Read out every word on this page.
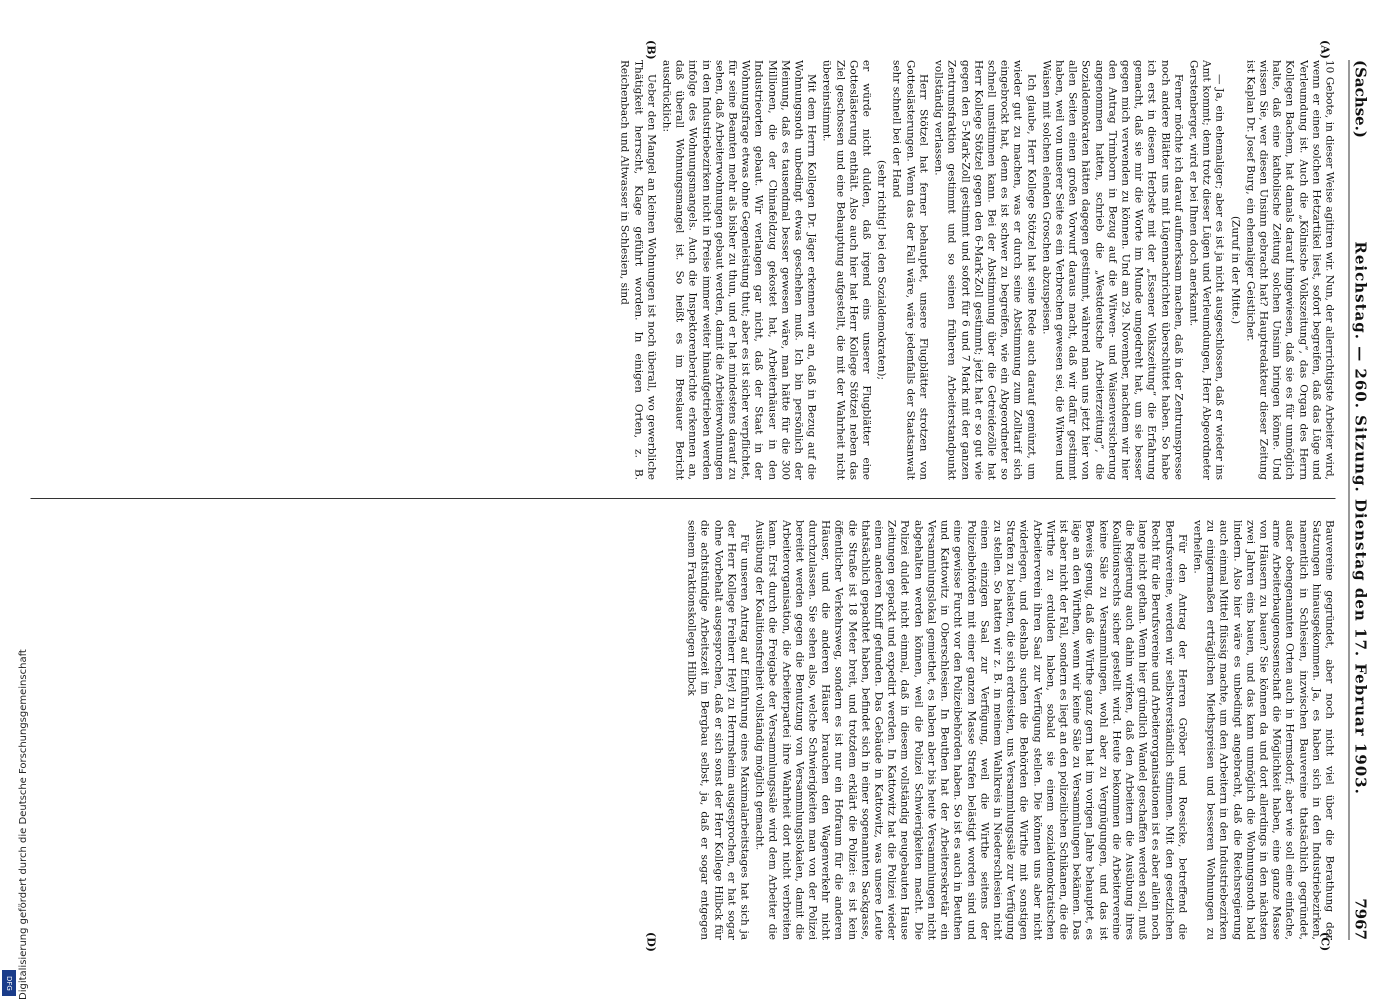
(Sachse.)
Reichstag. — 260. Sitzung. Dienstag den 17. Februar 1903.
7967
(A)
(B)
(C)
(D)

10 Gebote, in dieser Weise agitiren wir. Nun, der allerrichtigste Arbeiter wird, wenn er einen solchen Hetzartikel liest, sofort begreifen, daß das Lüge und Verleumdung ist. Auch die „Kölnische Volkszeitung“, das Organ des Herrn Kollegen Bachem, hat damals darauf hingewiesen, daß sie es für unmöglich halte, daß eine katholische Zeitung solchen Unsinn bringen könne. Und wissen Sie, wer diesen Unsinn gebracht hat? Hauptredakteur dieser Zeitung ist Kaplan Dr. Josef Burg, ein ehemaliger Geistlicher.

(Zuruf in der Mitte.)

— Ja, ein ehemaliger; aber es ist ja nicht ausgeschlossen, daß er wieder ins Amt kommt; denn trotz dieser Lügen und Verleumdungen, Herr Abgeordneter Gerstenberger, wird er bei Ihnen doch anerkannt.

Ferner möchte ich darauf aufmerksam machen, daß in der Zentrumspresse noch andere Blätter uns mit Lügennachrichten überschüttet haben. So habe ich erst in diesem Herbste mit der „Essener Volkszeitung“ die Erfahrung gemacht, daß sie mir die Worte im Munde umgedreht hat, um sie besser gegen mich verwenden zu können. Und am 29. November, nachdem wir hier den Antrag Trimborn in Bezug auf die Witwen- und Waisenversicherung angenommen hatten, schrieb die „Westdeutsche Arbeiterzeitung“, die Sozialdemokraten hätten dagegen gestimmt, während man uns jetzt hier von allen Seiten einen großen Vorwurf daraus macht, daß wir dafür gestimmt haben, weil von unserer Seite es ein Verbrechen gewesen sei, die Witwen und Waisen mit solchen elenden Groschen abzuspeisen.

Ich glaube, Herr Kollege Stötzel hat seine Rede auch darauf gemünzt, um wieder gut zu machen, was er durch seine Abstimmung zum Zolltarif sich eingebrockt hat, denn es ist schwer zu begreifen, wie ein Abgeordneter so schnell umstimmen kann. Bei der Abstimmung über die Getreidezölle hat Herr Kollege Stötzel gegen den 6-Mark-Zoll gestimmt; jetzt hat er so gut wie gegen den 5-Mark-Zoll gestimmt und sofort für 6 und 7 Mark mit der ganzen Zentrumsfraktion gestimmt und so seinen früheren Arbeiterstandpunkt vollständig verlassen.

Herr Stötzel hat ferner behauptet, unsere Flugblätter strotzen von Gotteslästerungen. Wenn das der Fall wäre, wäre jedenfalls der Staatsanwalt sehr schnell bei der Hand

(sehr richtig! bei den Sozialdemokraten);

er würde nicht dulden, daß irgend eins unserer Flugblätter eine Gotteslästerung enthält. Also auch hier hat Herr Kollege Stötzel neben das Ziel geschossen und eine Behauptung aufgestellt, die mit der Wahrheit nicht übereinstimmt.

Mit dem Herrn Kollegen Dr. Jäger erkennen wir an, daß in Bezug auf die Wohnungsnoth unbedingt etwas geschehen muß. Ich bin persönlich der Meinung, daß es tausendmal besser gewesen wäre, man hätte für die 300 Millionen, die der Chinafeldzug gekostet hat, Arbeiterhäuser in den Industrieorten gebaut. Wir verlangen gar nicht, daß der Staat in der Wohnungsfrage etwas ohne Gegenleistung thut; aber es ist sicher verpflichtet, für seine Beamten mehr als bisher zu thun, und er hat mindestens darauf zu sehen, daß Arbeiterwohnungen gebaut werden, damit die Arbeiterwohnungen in den Industriebezirken nicht in Preise immer weiter hinaufgetrieben werden infolge des Wohnungsmangels. Auch die Inspektorenberichte erkennen an, daß überall Wohnungsmangel ist. So heißt es im Breslauer Bericht ausdrücklich:

Ueber den Mangel an kleinen Wohnungen ist noch überall, wo gewerbliche Thätigkeit herrscht, Klage geführt worden. In einigen Orten, z. B. Reichenbach und Altwasser in Schlesien, sind

Bauvereine gegründet, aber noch nicht viel über die Berathung der Satzungen hinausgekommen. Ja, es haben sich in den Industriebezirken, namentlich in Schlesien, inzwischen Bauvereine thatsächlich gegründet, außer obengenannten Orten auch in Hermsdorf; aber wie soll eine einfache, arme Arbeiterbaugenossenschaft die Möglichkeit haben, eine ganze Masse von Häusern zu bauen? Sie können da und dort allerdings in den nächsten zwei Jahren eins bauen, und das kann unmöglich die Wohnungsnoth bald lindern. Also hier wäre es unbedingt angebracht, daß die Reichsregierung auch einmal Mittel flüssig machte, um den Arbeitern in den Industriebezirken zu einigermaßen erträglichen Miethspreisen und besseren Wohnungen zu verhelfen.

Für den Antrag der Herren Gröber und Roesicke, betreffend die Berufsvereine, werden wir selbstverständlich stimmen. Mit den gesetzlichen Recht für die Berufsvereine und Arbeiterorganisationen ist es aber allein noch lange nicht gethan. Wenn hier gründlich Wandel geschaffen werden soll, muß die Regierung auch dahin wirken, daß den Arbeitern die Ausübung ihres Koalitionsrechts sicher gestellt wird. Heute bekommen die Arbeitervereine keine Säle zu Versammlungen, wohl aber zu Vergnügungen, und das ist Beweis genug, daß die Wirthe ganz gern hat im vorigen Jahre behauptet, es läge an den Wirthen, wenn wir keine Säle zu Versammlungen bekämen. Das ist aber nicht der Fall, sondern es liegt an den polizeilichen Schikanen, die die Wirthe zu erdulden haben, sobald sie einem sozialdemokratischen Arbeiterverein ihren Saal zur Verfügung stellen. Die können uns aber nicht widerlegen, und deshalb suchen die Behörden die Wirthe mit sonstigen Strafen zu belasten, die sich erdreisten, uns Versammlungssäle zur Verfügung zu stellen. So hatten wir z. B. in meinem Wahlkreis in Niederschlesien nicht einen einzigen Saal zur Verfügung, weil die Wirthe seitens der Polizeibehörden mit einer ganzen Masse Strafen belästigt worden sind und eine gewisse Furcht vor den Polizeibehörden haben. So ist es auch in Beuthen und Kattowitz in Oberschlesien. In Beuthen hat der Arbeitersekretär ein Versammlungslokal gemiethet, es haben aber bis heute Versammlungen nicht abgehalten werden können, weil die Polizei Schwierigkeiten macht. Die Polizei duldet nicht einmal, daß in diesem vollständig neugebauten Hause Zeitungen gepackt und expedirt werden. In Kattowitz hat die Polizei wieder einen anderen Kniff gefunden. Das Gebäude in Kattowitz, was unsere Leute thatsächlich gepachtet haben, befindet sich in einer sogenannten Sackgasse, die Straße ist 18 Meter breit, und trotzdem erklärt die Polizei: es ist kein öffentlicher Verkehrsweg, sondern es ist nur ein Hofraum für die anderen Häuser, und die anderen Häuser brauchen den Wagenverkehr nicht durchzulassen. Sie sehen also, welche Schwierigkeiten man von der Polizei bereitet werden gegen die Benutzung von Versammlungslokalen, damit die Arbeiterorganisation, die Arbeiterpartei ihre Wahrheit dort nicht verbreiten kann. Erst durch die Freigabe der Versammlungssäle wird dem Arbeiter die Ausübung der Koalitionsfreiheit vollständig möglich gemacht.

Für unseren Antrag auf Einführung eines Maximalarbeitstages hat sich ja der Herr Kollege Freiherr Heyl zu Herrnsheim ausgesprochen, er hat sogar ohne Vorbehalt ausgesprochen, daß er sich sonst der Herr Kollege Hilbck für die achtstündige Arbeitszeit im Bergbau selbst, ja, daß er sogar entgegen seinem Fraktionskollegen Hilbck

Digitalisierung gefördert durch die Deutsche Forschungsgemeinschaft
DFG
